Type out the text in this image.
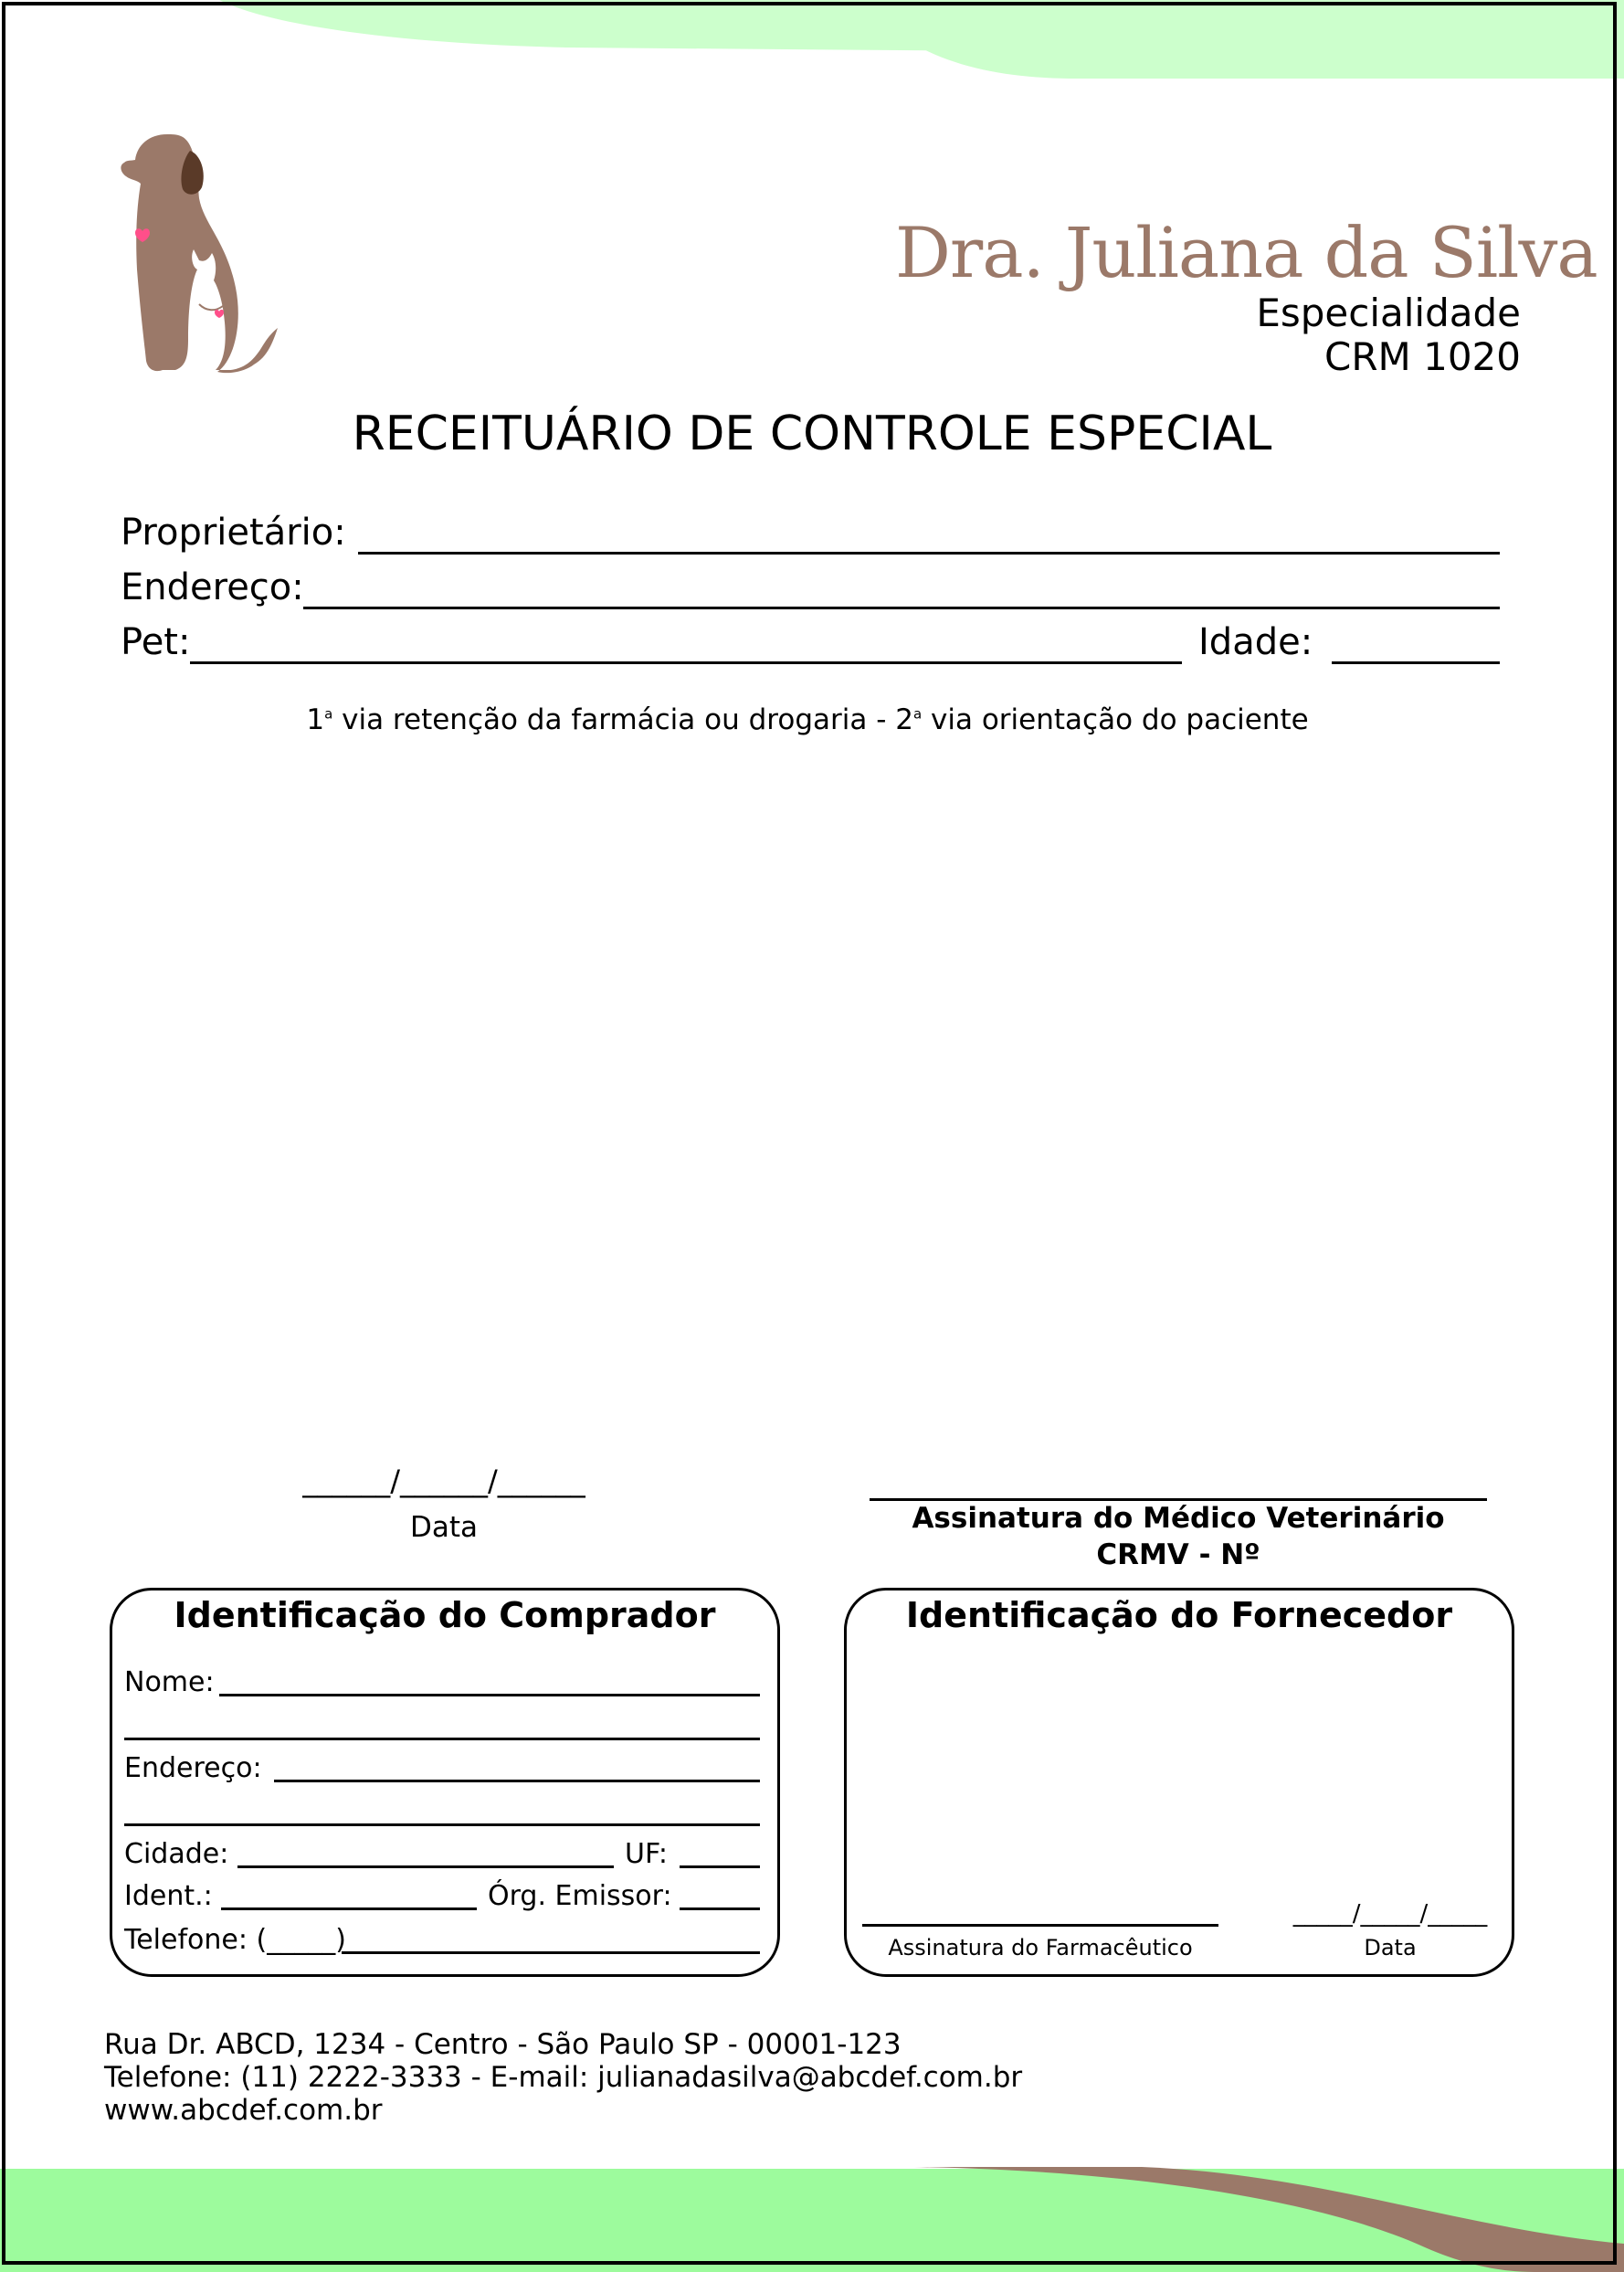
Dra. Juliana da Silva
Especialidade
CRM 1020
RECEITUÁRIO DE CONTROLE ESPECIAL
Proprietário:
Endereço:
Pet:	Idade:
1$^a$ via retenção da farmácia ou drogaria - 2$^a$ via orientação do paciente
______/______/______
Data	Assinatura do Médico Veterinário
CRMV - Nº
Identificação do Comprador
Nome:
Endereço:
Cidade:	UF:
Ident.:	Órg. Emissor:
Telefone: (_____)
Identificação do Fornecedor
Assinatura do Farmacêutico
_____/_____/_____
Data
Rua Dr. ABCD, 1234 - Centro - São Paulo SP - 00001-123
Telefone: (11) 2222-3333 - E-mail: julianadasilva@abcdef.com.br
www.abcdef.com.br
